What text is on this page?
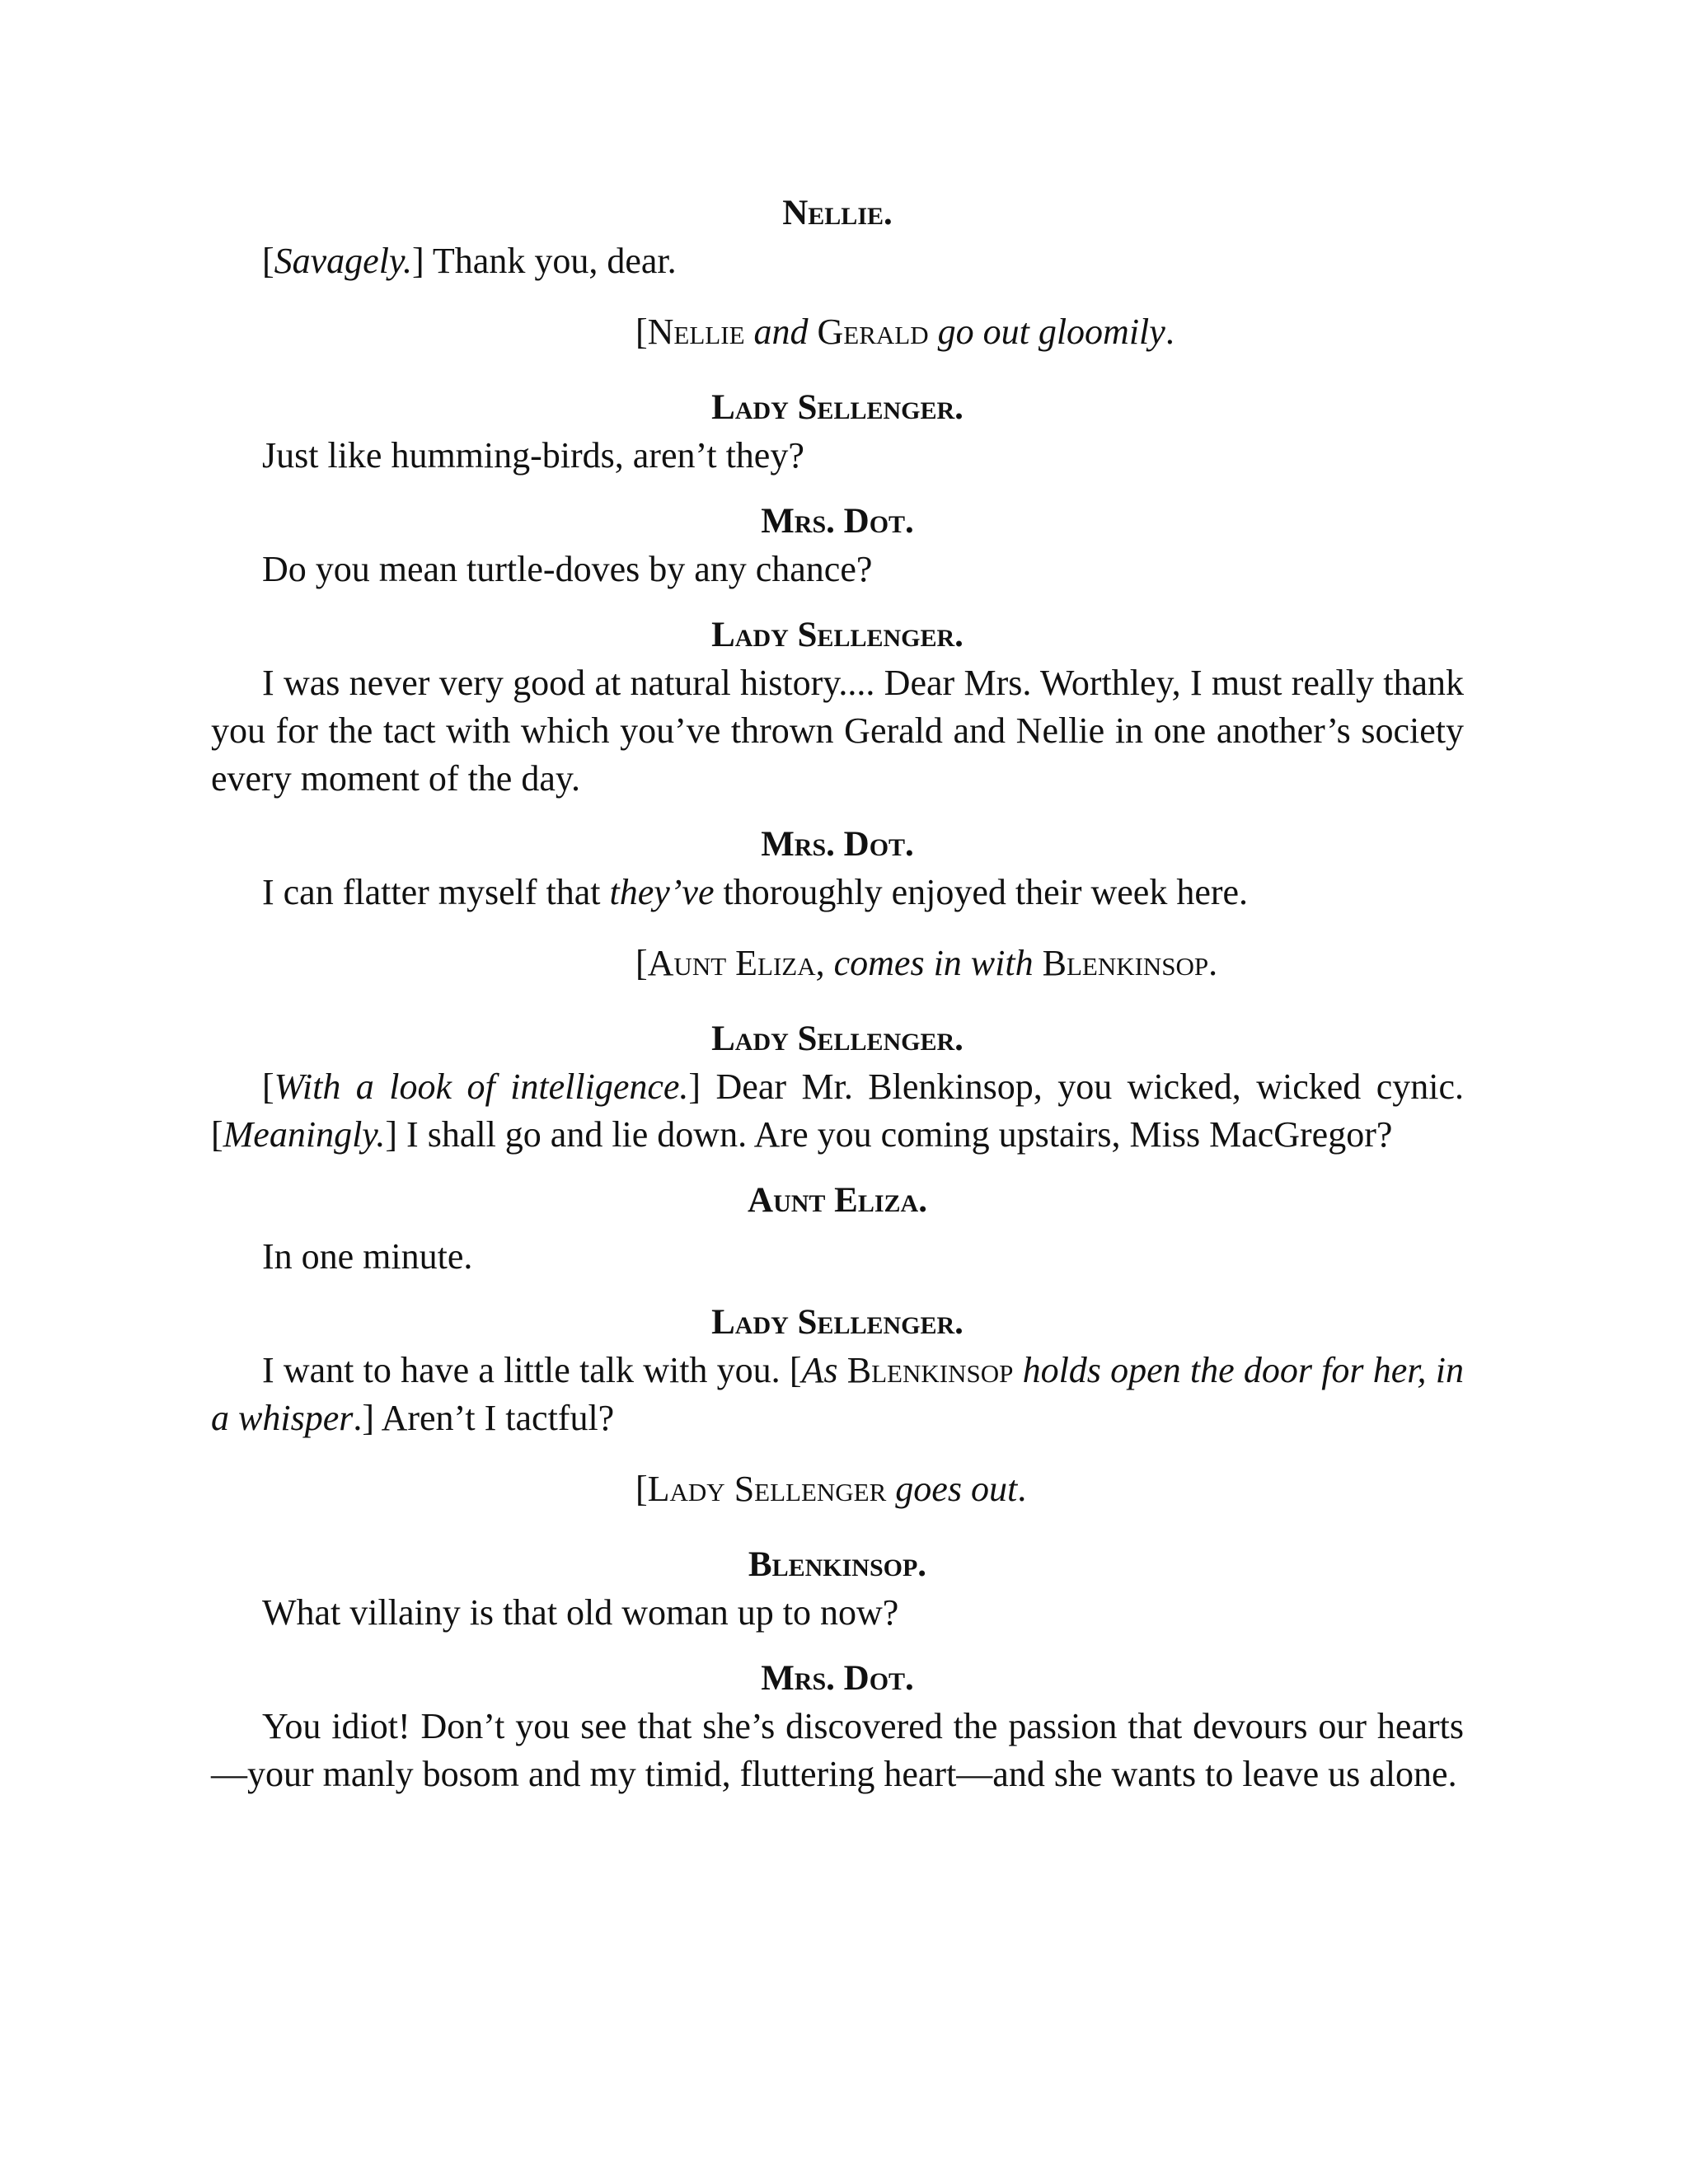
Nellie.

[Savagely.] Thank you, dear.

[Nellie and Gerald go out gloomily.

Lady Sellenger.

Just like humming-birds, aren’t they?

Mrs. Dot.

Do you mean turtle-doves by any chance?

Lady Sellenger.

I was never very good at natural history.... Dear Mrs. Worthley, I must really thank you for the tact with which you’ve thrown Gerald and Nellie in one another’s society every moment of the day.

Mrs. Dot.

I can flatter myself that they’ve thoroughly enjoyed their week here.

[Aunt Eliza, comes in with Blenkinsop.

Lady Sellenger.

[With a look of intelligence.] Dear Mr. Blenkinsop, you wicked, wicked cynic. [Meaningly.] I shall go and lie down. Are you coming upstairs, Miss MacGregor?

Aunt Eliza.

In one minute.

Lady Sellenger.

I want to have a little talk with you. [As Blenkinsop holds open the door for her, in a whisper.] Aren’t I tactful?

[Lady Sellenger goes out.

Blenkinsop.

What villainy is that old woman up to now?

Mrs. Dot.

You idiot! Don’t you see that she’s discovered the passion that devours our hearts—your manly bosom and my timid, fluttering heart—and she wants to leave us alone.
